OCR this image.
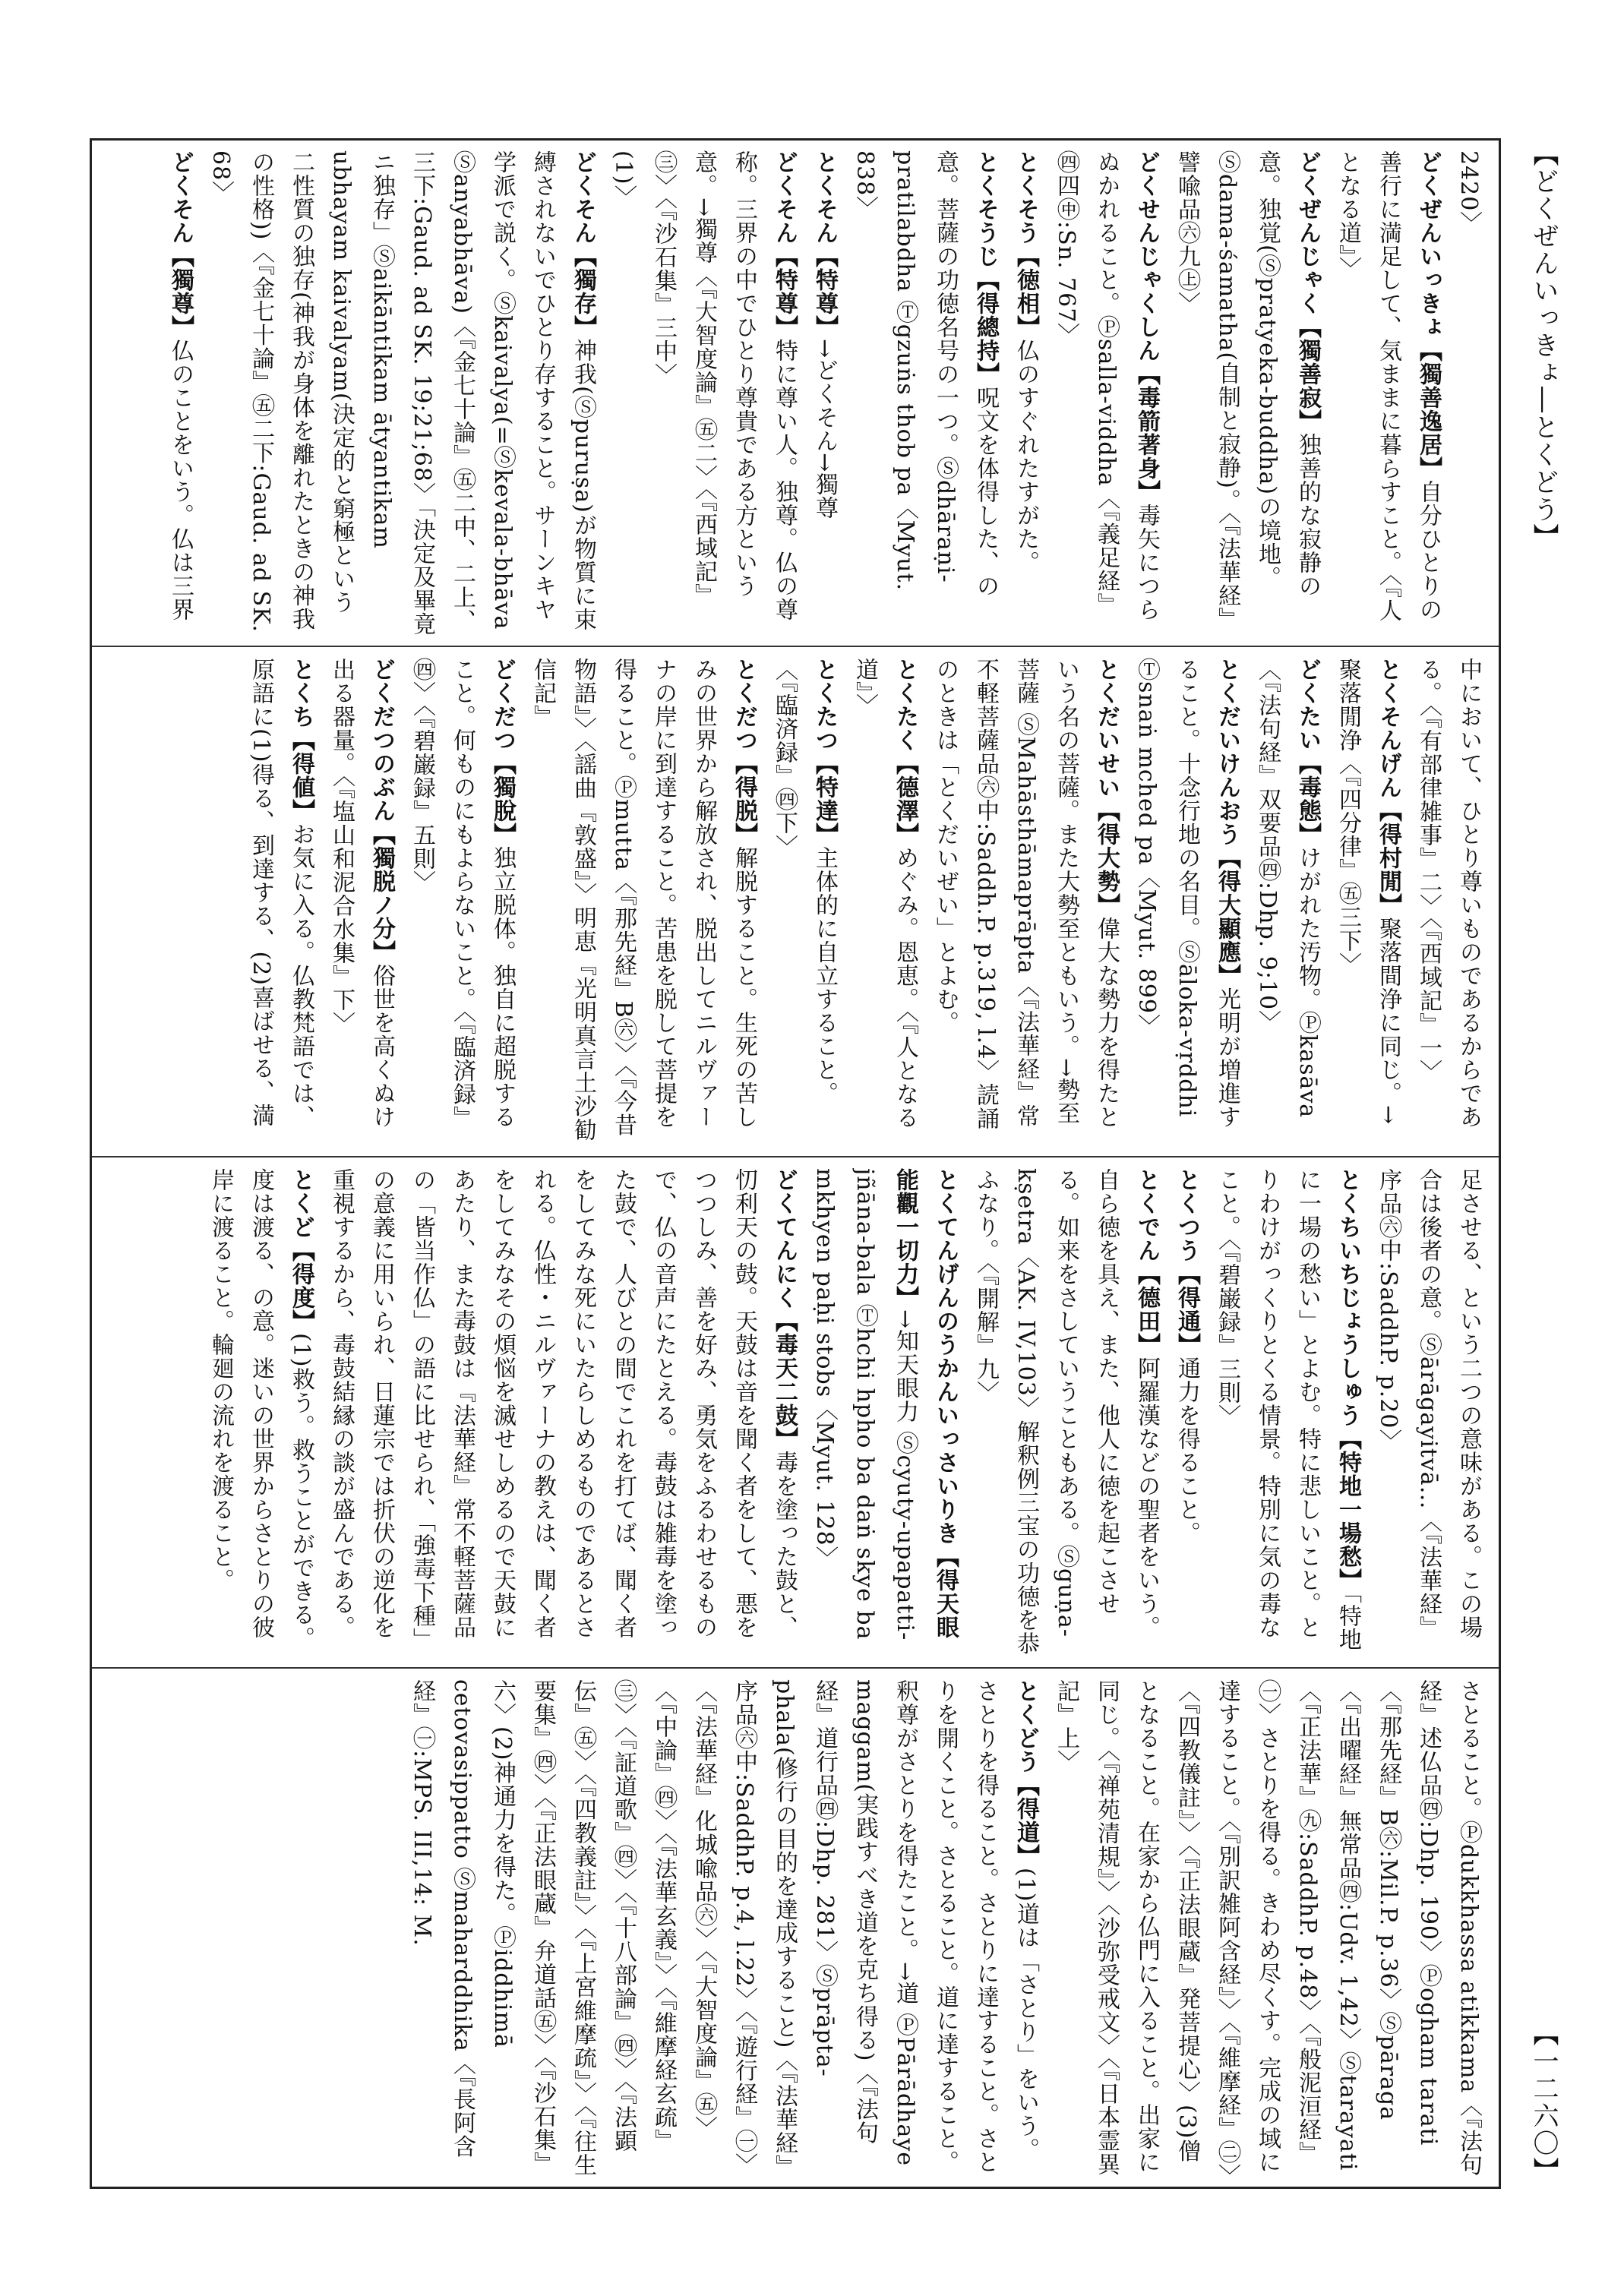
【どくぜんいっきょ―とくどう】
【一二六〇】

2420〉

どくぜんいっきょ【獨善逸居】自分ひとりの善行に満足して、気ままに暮らすこと。〈『人となる道』〉

どくぜんじゃく【獨善寂】独善的な寂静の意。独覚(Ⓢpratyeka-buddha)の境地。Ⓢdama-śamatha(自制と寂静)。〈『法華経』譬喩品㊅九㊤〉

どくせんじゃくしん【毒箭著身】毒矢につらぬかれること。Ⓟsalla-viddha〈『義足経』㊃四㊥:Sn. 767〉

とくそう【徳相】仏のすぐれたすがた。

とくそうじ【得總持】呪文を体得した、の意。菩薩の功徳名号の一つ。Ⓢdhāraṇi-pratilabdha Ⓣgzuṅs thob pa〈Myut. 838〉

とくそん【特尊】→どくそん→獨尊

どくそん【特尊】特に尊い人。独尊。仏の尊称。三界の中でひとり尊貴である方という意。→獨尊〈『大智度論』㊄二〉〈『西域記』㊂〉〈『沙石集』三中〉

(1)〉

どくそん【獨存】神我(Ⓢpuruṣa)が物質に束縛されないでひとり存すること。サーンキヤ学派で説く。Ⓢkaivalya(=Ⓢkevala-bhāva Ⓢanyabhāva)〈『金七十論』㊄二中、二上、三下:Gaud. ad SK. 19;21;68〉「決定及畢竟ニ独存」Ⓢaikāntikam ātyantikam ubhayam kaivalyam(決定的と窮極という二性質の独存(神我が身体を離れたときの神我の性格))〈『金七十論』㊄二下:Gaud. ad SK. 68〉

どくそん【獨尊】仏のことをいう。仏は三界

中において、ひとり尊いものであるからである。〈『有部律雑事』二〉〈『西域記』一〉

とくそんげん【得村閒】聚落間浄に同じ。→聚落閒浄〈『四分律』㊄三下〉

どくたい【毒態】けがれた汚物。Ⓟkasāva〈『法句経』双要品㊃:Dhp. 9;10〉

とくだいけんおう【得大顯應】光明が増進すること。十念行地の名目。Ⓢāloka-vṛddhi Ⓣsnaṅ mched pa〈Myut. 899〉

とくだいせい【得大勢】偉大な勢力を得たという名の菩薩。また大勢至ともいう。→勢至菩薩 ⓈMahāsthāmaprāpta〈『法華経』常不軽菩薩品㊅中:Saddh.P. p.319, l.4〉読誦のときは「とくだいぜい」とよむ。

とくたく【德澤】めぐみ。恩恵。〈『人となる道』〉

とくたつ【特達】主体的に自立すること。〈『臨済録』㊃下〉

とくだつ【得脱】解脱すること。生死の苦しみの世界から解放され、脱出してニルヴァーナの岸に到達すること。苦患を脱して菩提を得ること。Ⓟmutta〈『那先経』B㊅〉〈『今昔物語』〉〈謡曲『敦盛』〉明恵『光明真言土沙勧信記』

どくだつ【獨脫】独立脱体。独自に超脱すること。何ものにもよらないこと。〈『臨済録』㊃〉〈『碧巌録』五則〉

どくだつのぶん【獨脱ノ分】俗世を高くぬけ出る器量。〈『塩山和泥合水集』下〉

とくち【得値】お気に入る。仏教梵語では、原語に(1)得る、到達する、(2)喜ばせる、満

足させる、という二つの意味がある。この場合は後者の意。Ⓢārāgayitvā…〈『法華経』序品㊅中:SaddhP. p.20〉

とくちいちじょうしゅう【特地一場愁】「特地に一場の愁い」とよむ。特に悲しいこと。とりわけがっくりとくる情景。特別に気の毒なこと。〈『碧巌録』三則〉

とくつう【得通】通力を得ること。

とくでん【德田】阿羅漢などの聖者をいう。自ら徳を具え、また、他人に徳を起こさせる。如来をさしていうこともある。Ⓢguṇa-kṣetra〈AK. IV,103〉解釈例三宝の功徳を恭ふなり。〈『開解』九〉

とくてんげんのうかんいっさいりき【得天眼能觀一切力】→知天眼力 Ⓢcyuty-upapatti-jñāna-bala Ⓣhchi hpho ba daṅ skye ba mkhyen paḥi stobs〈Myut. 128〉

どくてんにく【毒天二鼓】毒を塗った鼓と、忉利天の鼓。天鼓は音を聞く者をして、悪をつつしみ、善を好み、勇気をふるわせるもので、仏の音声にたとえる。毒鼓は雑毒を塗った鼓で、人びとの間でこれを打てば、聞く者をしてみな死にいたらしめるものであるとされる。仏性・ニルヴァーナの教えは、聞く者をしてみなその煩悩を滅せしめるので天鼓にあたり、また毒鼓は『法華経』常不軽菩薩品の「皆当作仏」の語に比せられ、「強毒下種」の意義に用いられ、日蓮宗では折伏の逆化を重視するから、毒鼓結縁の談が盛んである。

とくど【得度】(1)救う。救うことができる。度は渡る、の意。迷いの世界からさとりの彼岸に渡ること。輪廻の流れを渡ること。

さとること。Ⓟdukkhassa atikkama〈『法句経』述仏品㊃:Dhp. 190〉Ⓟogham tarati〈『那先経』B㊅:Mil.P. p.36〉Ⓢpāraga〈『出曜経』無常品㊃:Udv. 1,42〉Ⓢtarayati〈『正法華』㊈:SaddhP. p.48〉〈『般泥洹経』㊀〉さとりを得る。きわめ尽くす。完成の域に達すること。〈『別訳雑阿含経』〉〈『維摩経』㊁〉〈『四教儀註』〉〈『正法眼蔵』発菩提心〉(3)僧となること。在家から仏門に入ること。出家に同じ。〈『禅苑清規』〉〈沙弥受戒文〉〈『日本霊異記』上〉

とくどう【得道】(1)道は「さとり」をいう。さとりを得ること。さとりに達すること。さとりを開くこと。さとること。道に達すること。釈尊がさとりを得たこと。→道 ⓅPārādhaye maggam(実践すべき道を克ち得る)〈『法句経』道行品㊃:Dhp. 281〉Ⓢprāpta-phala(修行の目的を達成すること)〈『法華経』序品㊅中:SaddhP. p.4, l.22〉〈『遊行経』㊀〉〈『法華経』化城喩品㊅〉〈『大智度論』㊄〉〈『中論』㊃〉〈『法華玄義』〉〈『維摩経玄疏』㊂〉〈『証道歌』㊃〉〈『十八部論』㊃〉〈『法顕伝』㊄〉〈『四教義註』〉〈『上宮維摩疏』〉〈『往生要集』㊃〉〈『正法眼蔵』弁道話㊄〉〈『沙石集』六〉(2)神通力を得た。Ⓟiddhimā cetovasippatto Ⓢmaharddhika〈『長阿含経』㊀:MPS. III,14: M.
